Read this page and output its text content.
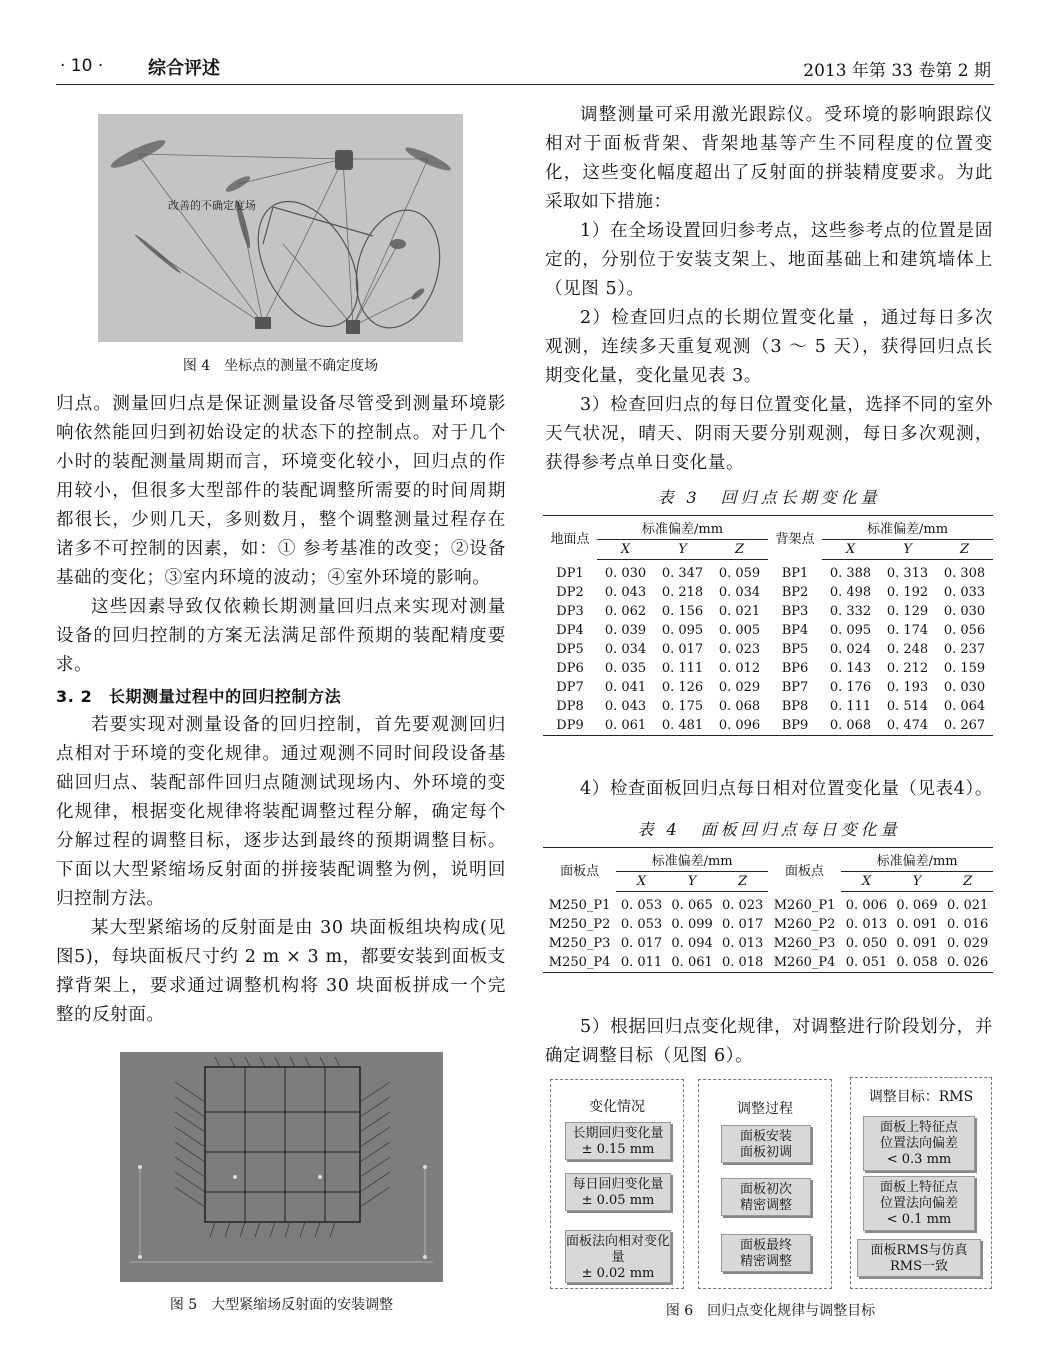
· 10 · 综合评述	2013 年第 33 卷第 2 期
改善的不确定度场
图 4　坐标点的测量不确定度场

归点。测量回归点是保证测量设备尽管受到测量环境影响依然能回归到初始设定的状态下的控制点。对于几个小时的装配测量周期而言，环境变化较小，回归点的作用较小，但很多大型部件的装配调整所需要的时间周期都很长，少则几天，多则数月，整个调整测量过程存在诸多不可控制的因素，如：① 参考基准的改变；②设备基础的变化；③室内环境的波动；④室外环境的影响。

这些因素导致仅依赖长期测量回归点来实现对测量设备的回归控制的方案无法满足部件预期的装配精度要求。

3. 2　长期测量过程中的回归控制方法

若要实现对测量设备的回归控制，首先要观测回归点相对于环境的变化规律。通过观测不同时间段设备基础回归点、装配部件回归点随测试现场内、外环境的变化规律，根据变化规律将装配调整过程分解，确定每个分解过程的调整目标，逐步达到最终的预期调整目标。下面以大型紧缩场反射面的拼接装配调整为例，说明回归控制方法。

某大型紧缩场的反射面是由 30 块面板组块构成(见图5)，每块面板尺寸约 2 m × 3 m，都要安装到面板支撑背架上，要求通过调整机构将 30 块面板拼成一个完整的反射面。

图 5　大型紧缩场反射面的安装调整

调整测量可采用激光跟踪仪。受环境的影响跟踪仪相对于面板背架、背架地基等产生不同程度的位置变化，这些变化幅度超出了反射面的拼装精度要求。为此采取如下措施：

1）在全场设置回归参考点，这些参考点的位置是固定的，分别位于安装支架上、地面基础上和建筑墙体上（见图 5）。

2）检查回归点的长期位置变化量 ，通过每日多次观测，连续多天重复观测（3 ～ 5 天），获得回归点长期变化量，变化量见表 3。

3）检查回归点的每日位置变化量，选择不同的室外天气状况，晴天、阴雨天要分别观测，每日多次观测，获得参考点单日变化量。

表 3　回归点长期变化量
地面点	标准偏差/mm			背架点	标准偏差/mm		
	X	Y	Z		X	Y	Z
DP1	0. 030	0. 347	0. 059	BP1	0. 388	0. 313	0. 308
DP2	0. 043	0. 218	0. 034	BP2	0. 498	0. 192	0. 033
DP3	0. 062	0. 156	0. 021	BP3	0. 332	0. 129	0. 030
DP4	0. 039	0. 095	0. 005	BP4	0. 095	0. 174	0. 056
DP5	0. 034	0. 017	0. 023	BP5	0. 024	0. 248	0. 237
DP6	0. 035	0. 111	0. 012	BP6	0. 143	0. 212	0. 159
DP7	0. 041	0. 126	0. 029	BP7	0. 176	0. 193	0. 030
DP8	0. 043	0. 175	0. 068	BP8	0. 111	0. 514	0. 064
DP9	0. 061	0. 481	0. 096	BP9	0. 068	0. 474	0. 267

4）检查面板回归点每日相对位置变化量（见表4）。

表 4　面板回归点每日变化量
面板点	标准偏差/mm			面板点	标准偏差/mm		
	X	Y	Z		X	Y	Z
M250_P1	0. 053	0. 065	0. 023	M260_P1	0. 006	0. 069	0. 021
M250_P2	0. 053	0. 099	0. 017	M260_P2	0. 013	0. 091	0. 016
M250_P3	0. 017	0. 094	0. 013	M260_P3	0. 050	0. 091	0. 029
M250_P4	0. 011	0. 061	0. 018	M260_P4	0. 051	0. 058	0. 026

5）根据回归点变化规律，对调整进行阶段划分，并确定调整目标（见图 6）。

变化情况
长期回归变化量
± 0.15 mm
每日回归变化量
± 0.05 mm
面板法向相对变化量
± 0.02 mm
调整过程
面板安装
面板初调
面板初次
精密调整
面板最终
精密调整
调整目标：RMS
面板上特征点
位置法向偏差
< 0.3 mm
面板上特征点
位置法向偏差
< 0.1 mm
面板RMS与仿真
RMS一致
图 6　回归点变化规律与调整目标
